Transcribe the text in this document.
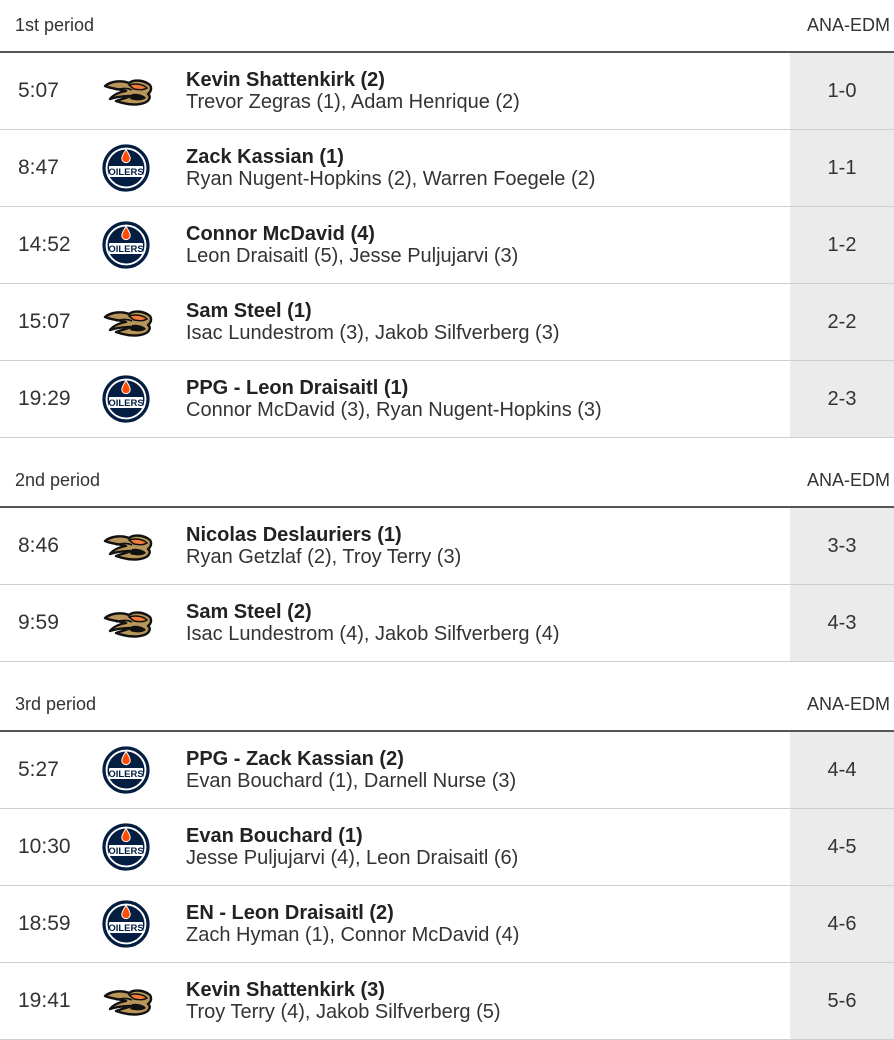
1st period	ANA-EDM
5:07	Kevin Shattenkirk (2)
Trevor Zegras (1), Adam Henrique (2)
1-0
8:47	OILERS
Zack Kassian (1)
Ryan Nugent-Hopkins (2), Warren Foegele (2)
1-1
14:52	OILERS
Connor McDavid (4)
Leon Draisaitl (5), Jesse Puljujarvi (3)
1-2
15:07	Sam Steel (1)
Isac Lundestrom (3), Jakob Silfverberg (3)
2-2
19:29	OILERS
PPG - Leon Draisaitl (1)
Connor McDavid (3), Ryan Nugent-Hopkins (3)
2-3
2nd period	ANA-EDM
8:46	Nicolas Deslauriers (1)
Ryan Getzlaf (2), Troy Terry (3)
3-3
9:59	Sam Steel (2)
Isac Lundestrom (4), Jakob Silfverberg (4)
4-3
3rd period	ANA-EDM
5:27	OILERS
PPG - Zack Kassian (2)
Evan Bouchard (1), Darnell Nurse (3)
4-4
10:30	OILERS
Evan Bouchard (1)
Jesse Puljujarvi (4), Leon Draisaitl (6)
4-5
18:59	OILERS
EN - Leon Draisaitl (2)
Zach Hyman (1), Connor McDavid (4)
4-6
19:41	Kevin Shattenkirk (3)
Troy Terry (4), Jakob Silfverberg (5)
5-6
